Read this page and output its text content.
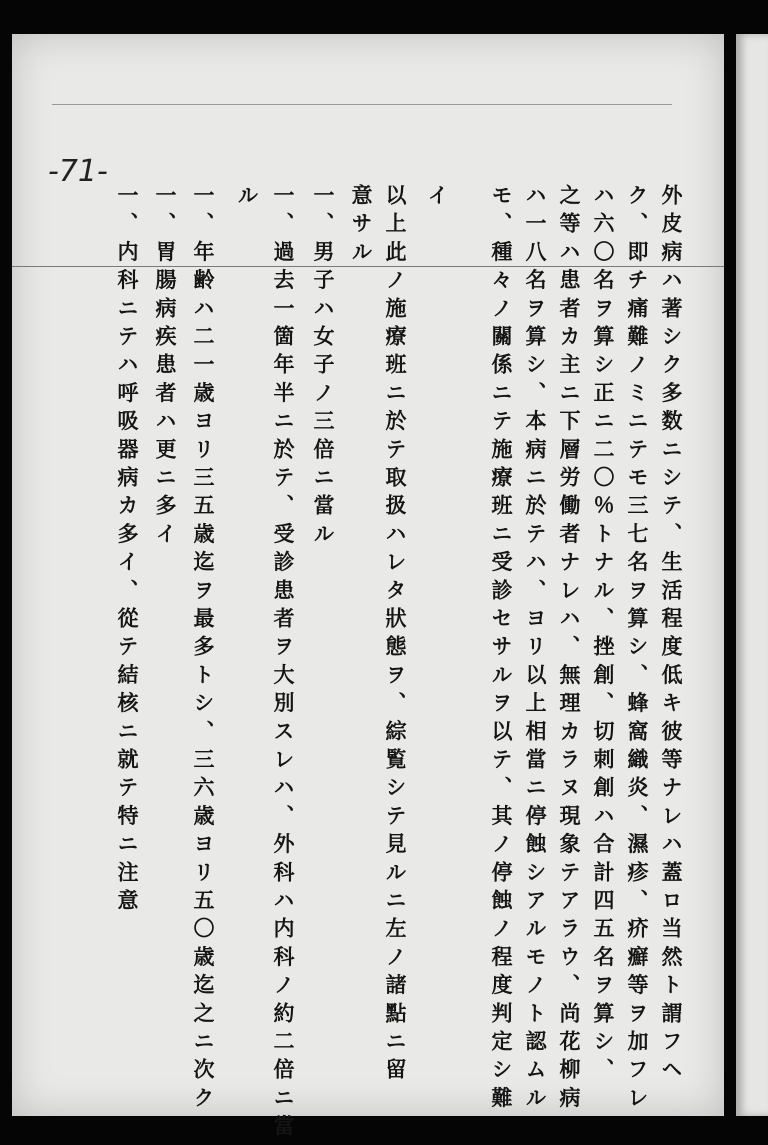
-71-
外皮病ハ著シク多数ニシテ、生活程度低キ彼等ナレハ蓋ロ当然ト謂フヘ
ク、即チ痛難ノミニテモ三七名ヲ算シ、蜂窩織炎、濕疹、疥癬等ヲ加フレ
ハ六〇名ヲ算シ正ニ二〇％トナル、挫創、切刺創ハ合計四五名ヲ算シ、
之等ハ患者カ主ニ下層労働者ナレハ、無理カラヌ現象テアラウ、尚花柳病
ハ一八名ヲ算シ、本病ニ於テハ、ヨリ以上相當ニ停蝕シアルモノト認ムル
モ、種々ノ關係ニテ施療班ニ受診セサルヲ以テ、其ノ停蝕ノ程度判定シ難
イ
以上此ノ施療班ニ於テ取扱ハレタ狀態ヲ、綜覧シテ見ルニ左ノ諸點ニ留
意サル
一、男子ハ女子ノ三倍ニ當ル
一、過去一箇年半ニ於テ、受診患者ヲ大別スレハ、外科ハ内科ノ約二倍ニ當
ル
一、年齢ハ二一歳ヨリ三五歳迄ヲ最多トシ、三六歳ヨリ五〇歳迄之ニ次ク
一、胃腸病疾患者ハ更ニ多イ
一、内科ニテハ呼吸器病カ多イ、從テ結核ニ就テ特ニ注意
